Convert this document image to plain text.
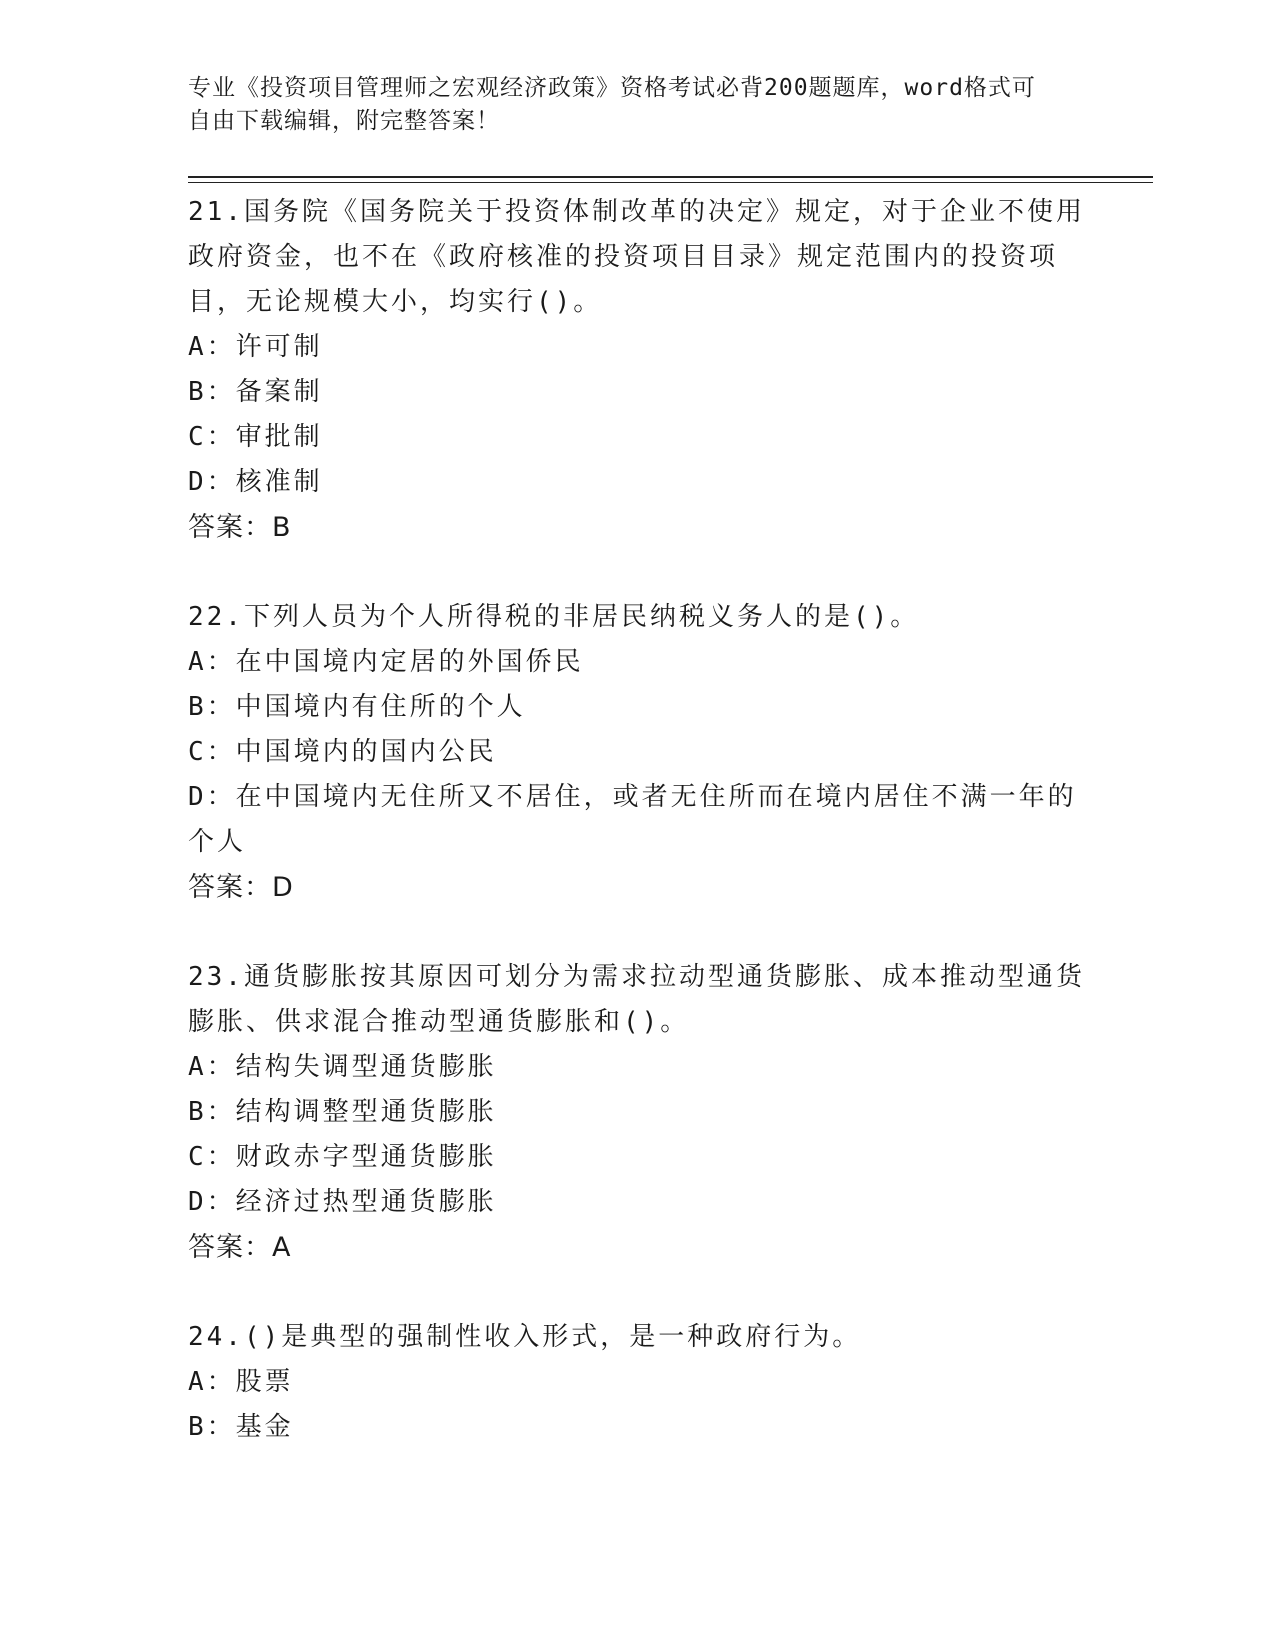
专业《投资项目管理师之宏观经济政策》资格考试必背200题题库，word格式可
自由下载编辑，附完整答案！

21.国务院《国务院关于投资体制改革的决定》规定，对于企业不使用政府资金，也不在《政府核准的投资项目目录》规定范围内的投资项目，无论规模大小，均实行()。

A：许可制

B：备案制

C：审批制

D：核准制

答案：B

22.下列人员为个人所得税的非居民纳税义务人的是()。

A：在中国境内定居的外国侨民

B：中国境内有住所的个人

C：中国境内的国内公民

D：在中国境内无住所又不居住，或者无住所而在境内居住不满一年的个人

答案：D

23.通货膨胀按其原因可划分为需求拉动型通货膨胀、成本推动型通货膨胀、供求混合推动型通货膨胀和()。

A：结构失调型通货膨胀

B：结构调整型通货膨胀

C：财政赤字型通货膨胀

D：经济过热型通货膨胀

答案：A

24.()是典型的强制性收入形式，是一种政府行为。

A：股票

B：基金
